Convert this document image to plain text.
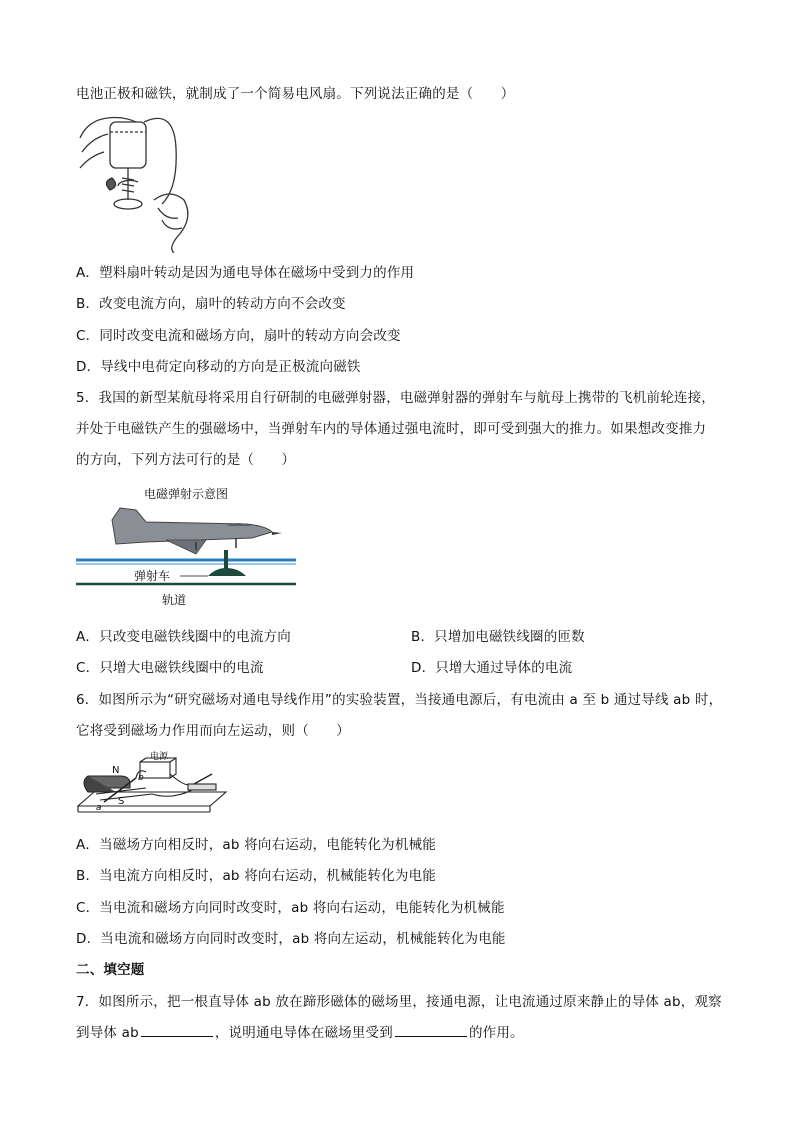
电池正极和磁铁，就制成了一个简易电风扇。下列说法正确的是（　　）
A．塑料扇叶转动是因为通电导体在磁场中受到力的作用
B．改变电流方向，扇叶的转动方向不会改变
C．同时改变电流和磁场方向，扇叶的转动方向会改变
D．导线中电荷定向移动的方向是正极流向磁铁
5．我国的新型某航母将采用自行研制的电磁弹射器，电磁弹射器的弹射车与航母上携带的飞机前轮连接，
并处于电磁铁产生的强磁场中，当弹射车内的导体通过强电流时，即可受到强大的推力。如果想改变推力
的方向，下列方法可行的是（　　）
电磁弹射示意图
弹射车
轨道
A．只改变电磁铁线圈中的电流方向	B．只增加电磁铁线圈的匝数
C．只增大电磁铁线圈中的电流	D．只增大通过导体的电流
6．如图所示为“研究磁场对通电导线作用”的实验装置，当接通电源后，有电流由 a 至 b 通过导线 ab 时，
它将受到磁场力作用而向左运动，则（　　）
电源
N
S
a
b
A．当磁场方向相反时，ab 将向右运动，电能转化为机械能
B．当电流方向相反时，ab 将向右运动，机械能转化为电能
C．当电流和磁场方向同时改变时，ab 将向右运动，电能转化为机械能
D．当电流和磁场方向同时改变时，ab 将向左运动，机械能转化为电能
二、填空题
7．如图所示，把一根直导体 ab 放在蹄形磁体的磁场里，接通电源，让电流通过原来静止的导体 ab，观察
到导体 ab	，说明通电导体在磁场里受到	的作用。
